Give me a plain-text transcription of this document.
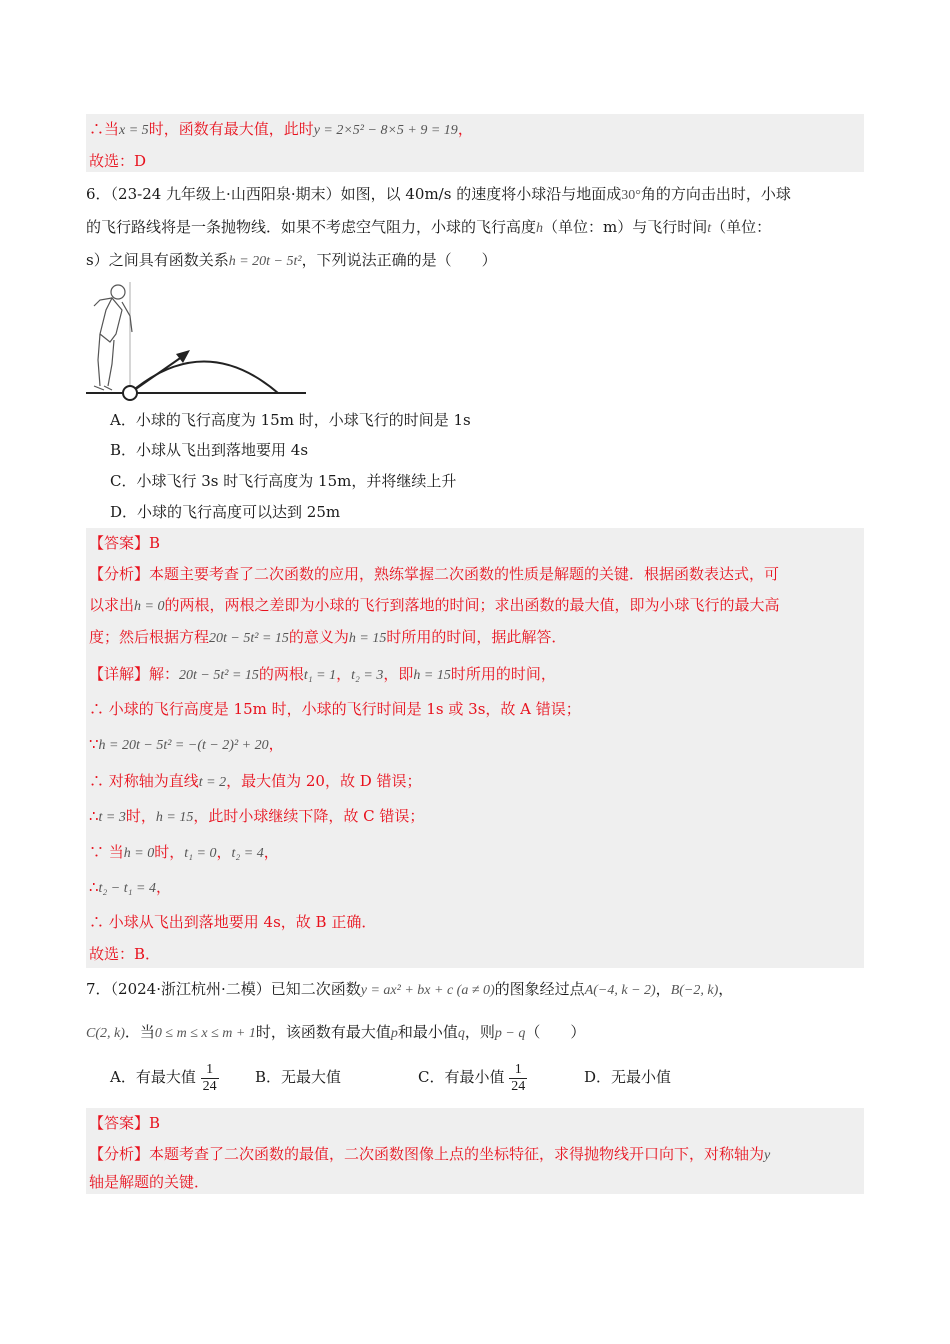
∴当x = 5时，函数有最大值，此时y = 2×5² − 8×5 + 9 = 19，
故选：D
6．（23-24 九年级上·山西阳泉·期末）如图，以 40m/s 的速度将小球沿与地面成30°角的方向击出时，小球
的飞行路线将是一条抛物线．如果不考虑空气阻力，小球的飞行高度h（单位：m）与飞行时间t（单位：
s）之间具有函数关系h = 20t − 5t²，下列说法正确的是（　　）
A．小球的飞行高度为 15m 时，小球飞行的时间是 1s
B．小球从飞出到落地要用 4s
C．小球飞行 3s 时飞行高度为 15m，并将继续上升
D．小球的飞行高度可以达到 25m
【答案】B
【分析】本题主要考查了二次函数的应用，熟练掌握二次函数的性质是解题的关键．根据函数表达式，可
以求出h = 0的两根，两根之差即为小球的飞行到落地的时间；求出函数的最大值，即为小球飞行的最大高
度；然后根据方程20t − 5t² = 15的意义为h = 15时所用的时间，据此解答．
【详解】解：20t − 5t² = 15的两根t₁ = 1，t₂ = 3，即h = 15时所用的时间，
∴ 小球的飞行高度是 15m 时，小球的飞行时间是 1s 或 3s，故 A 错误；
∵h = 20t − 5t² = −(t − 2)² + 20，
∴ 对称轴为直线t = 2，最大值为 20，故 D 错误；
∴t = 3时，h = 15，此时小球继续下降，故 C 错误；
∵ 当h = 0时，t₁ = 0，t₂ = 4，
∴t₂ − t₁ = 4，
∴ 小球从飞出到落地要用 4s，故 B 正确．
故选：B．
7．（2024·浙江杭州·二模）已知二次函数y = ax² + bx + c (a ≠ 0)的图象经过点A(−4, k − 2)，B(−2, k)，
C(2, k)．当0 ≤ m ≤ x ≤ m + 1时，该函数有最大值p和最小值q，则p − q（　　）
A．有最大值 $\frac{1}{24}$ B．无最大值	C．有最小值 $\frac{1}{24}$	D．无最小值
【答案】B
【分析】本题考查了二次函数的最值，二次函数图像上点的坐标特征，求得抛物线开口向下，对称轴为y
轴是解题的关键．
